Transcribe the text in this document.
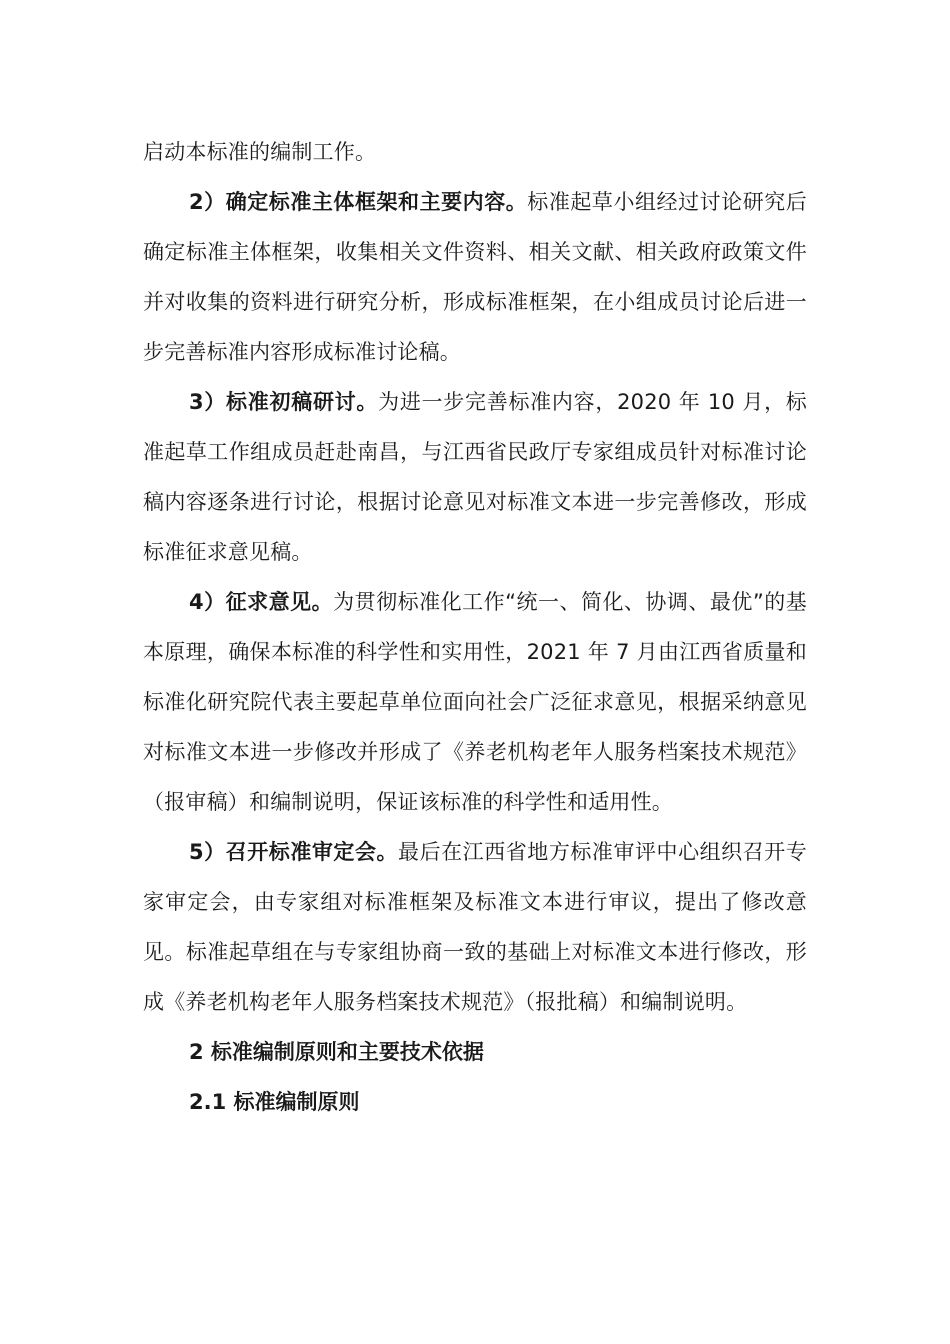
启动本标准的编制工作。

2）确定标准主体框架和主要内容。标准起草小组经过讨论研究后确定标准主体框架，收集相关文件资料、相关文献、相关政府政策文件并对收集的资料进行研究分析，形成标准框架，在小组成员讨论后进一步完善标准内容形成标准讨论稿。

3）标准初稿研讨。为进一步完善标准内容，2020 年 10 月，标准起草工作组成员赶赴南昌，与江西省民政厅专家组成员针对标准讨论稿内容逐条进行讨论，根据讨论意见对标准文本进一步完善修改，形成标准征求意见稿。

4）征求意见。为贯彻标准化工作“统一、简化、协调、最优”的基本原理，确保本标准的科学性和实用性，2021 年 7 月由江西省质量和标准化研究院代表主要起草单位面向社会广泛征求意见，根据采纳意见对标准文本进一步修改并形成了《养老机构老年人服务档案技术规范》（报审稿）和编制说明，保证该标准的科学性和适用性。

5）召开标准审定会。最后在江西省地方标准审评中心组织召开专家审定会，由专家组对标准框架及标准文本进行审议，提出了修改意见。标准起草组在与专家组协商一致的基础上对标准文本进行修改，形成《养老机构老年人服务档案技术规范》（报批稿）和编制说明。

2 标准编制原则和主要技术依据

2.1 标准编制原则
